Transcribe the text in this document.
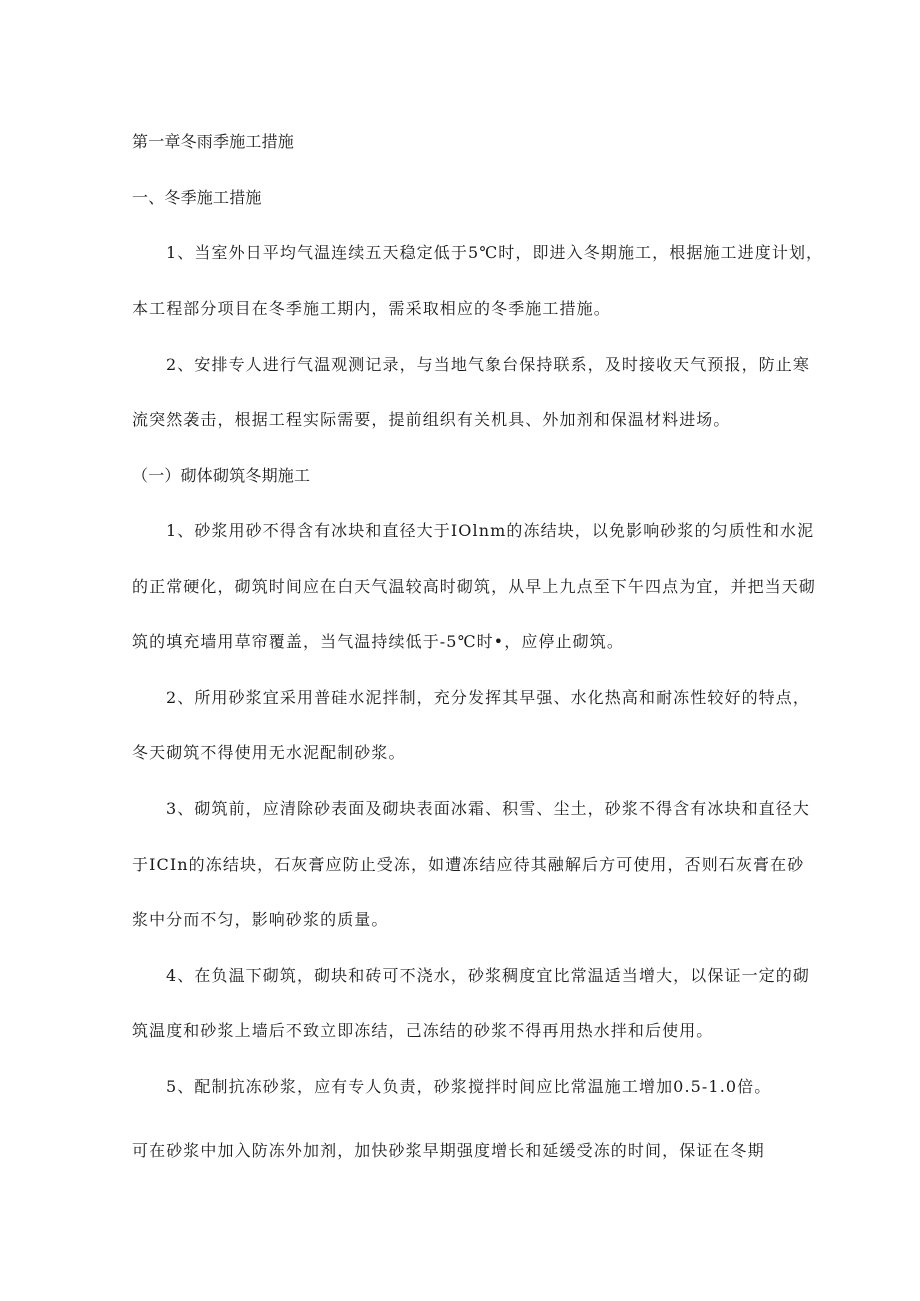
第一章冬雨季施工措施
一、冬季施工措施
1、当室外日平均气温连续五天稳定低于5℃时，即进入冬期施工，根据施工进度计划，
本工程部分项目在冬季施工期内，需采取相应的冬季施工措施。
2、安排专人进行气温观测记录，与当地气象台保持联系，及时接收天气预报，防止寒
流突然袭击，根据工程实际需要，提前组织有关机具、外加剂和保温材料进场。
（一）砌体砌筑冬期施工
1、砂浆用砂不得含有冰块和直径大于IOlnm的冻结块，以免影响砂浆的匀质性和水泥
的正常硬化，砌筑时间应在白天气温较高时砌筑，从早上九点至下午四点为宜，并把当天砌
筑的填充墙用草帘覆盖，当气温持续低于-5℃时•，应停止砌筑。
2、所用砂浆宜采用普硅水泥拌制，充分发挥其早强、水化热高和耐冻性较好的特点，
冬天砌筑不得使用无水泥配制砂浆。
3、砌筑前，应清除砂表面及砌块表面冰霜、积雪、尘土，砂浆不得含有冰块和直径大
于ICIn的冻结块，石灰膏应防止受冻，如遭冻结应待其融解后方可使用，否则石灰膏在砂
浆中分而不匀，影响砂浆的质量。
4、在负温下砌筑，砌块和砖可不浇水，砂浆稠度宜比常温适当增大，以保证一定的砌
筑温度和砂浆上墙后不致立即冻结，己冻结的砂浆不得再用热水拌和后使用。
5、配制抗冻砂浆，应有专人负责，砂浆搅拌时间应比常温施工增加0.5-1.0倍。
可在砂浆中加入防冻外加剂，加快砂浆早期强度增长和延缓受冻的时间，保证在冬期
